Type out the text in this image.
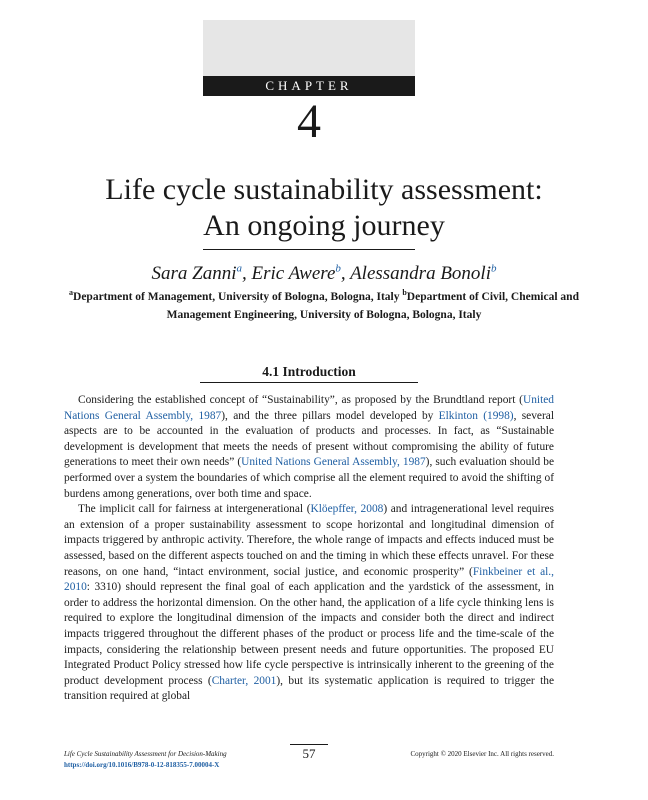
CHAPTER
4
Life cycle sustainability assessment:
An ongoing journey
Sara Zanni$^a$, Eric Awere$^b$, Alessandra Bonoli$^b$
$^a$Department of Management, University of Bologna, Bologna, Italy $^b$Department of Civil, Chemical and Management Engineering, University of Bologna, Bologna, Italy
4.1 Introduction

Considering the established concept of “Sustainability”, as proposed by the Brundtland report (United Nations General Assembly, 1987), and the three pillars model developed by Elkinton (1998), several aspects are to be accounted in the evaluation of products and processes. In fact, as “Sustainable development is development that meets the needs of present without compromising the ability of future generations to meet their own needs” (United Nations General Assembly, 1987), such evaluation should be performed over a system the boundaries of which comprise all the element required to avoid the shifting of burdens among generations, over both time and space.

The implicit call for fairness at intergenerational (Klöepffer, 2008) and intragenerational level requires an extension of a proper sustainability assessment to scope horizontal and longitudinal dimension of impacts triggered by anthropic activity. Therefore, the whole range of impacts and effects induced must be assessed, based on the different aspects touched on and the timing in which these effects unravel. For these reasons, on one hand, “intact environment, social justice, and economic prosperity” (Finkbeiner et al., 2010: 3310) should represent the final goal of each application and the yardstick of the assessment, in order to address the horizontal dimension. On the other hand, the application of a life cycle thinking lens is required to explore the longitudinal dimension of the impacts and consider both the direct and indirect impacts triggered throughout the different phases of the product or process life and the time-scale of the impacts, considering the relationship between present needs and future opportunities. The proposed EU Integrated Product Policy stressed how life cycle perspective is intrinsically inherent to the greening of the product development process (Charter, 2001), but its systematic application is required to trigger the transition required at global

57
Life Cycle Sustainability Assessment for Decision-Making
https://doi.org/10.1016/B978-0-12-818355-7.00004-X
Copyright © 2020 Elsevier Inc. All rights reserved.
